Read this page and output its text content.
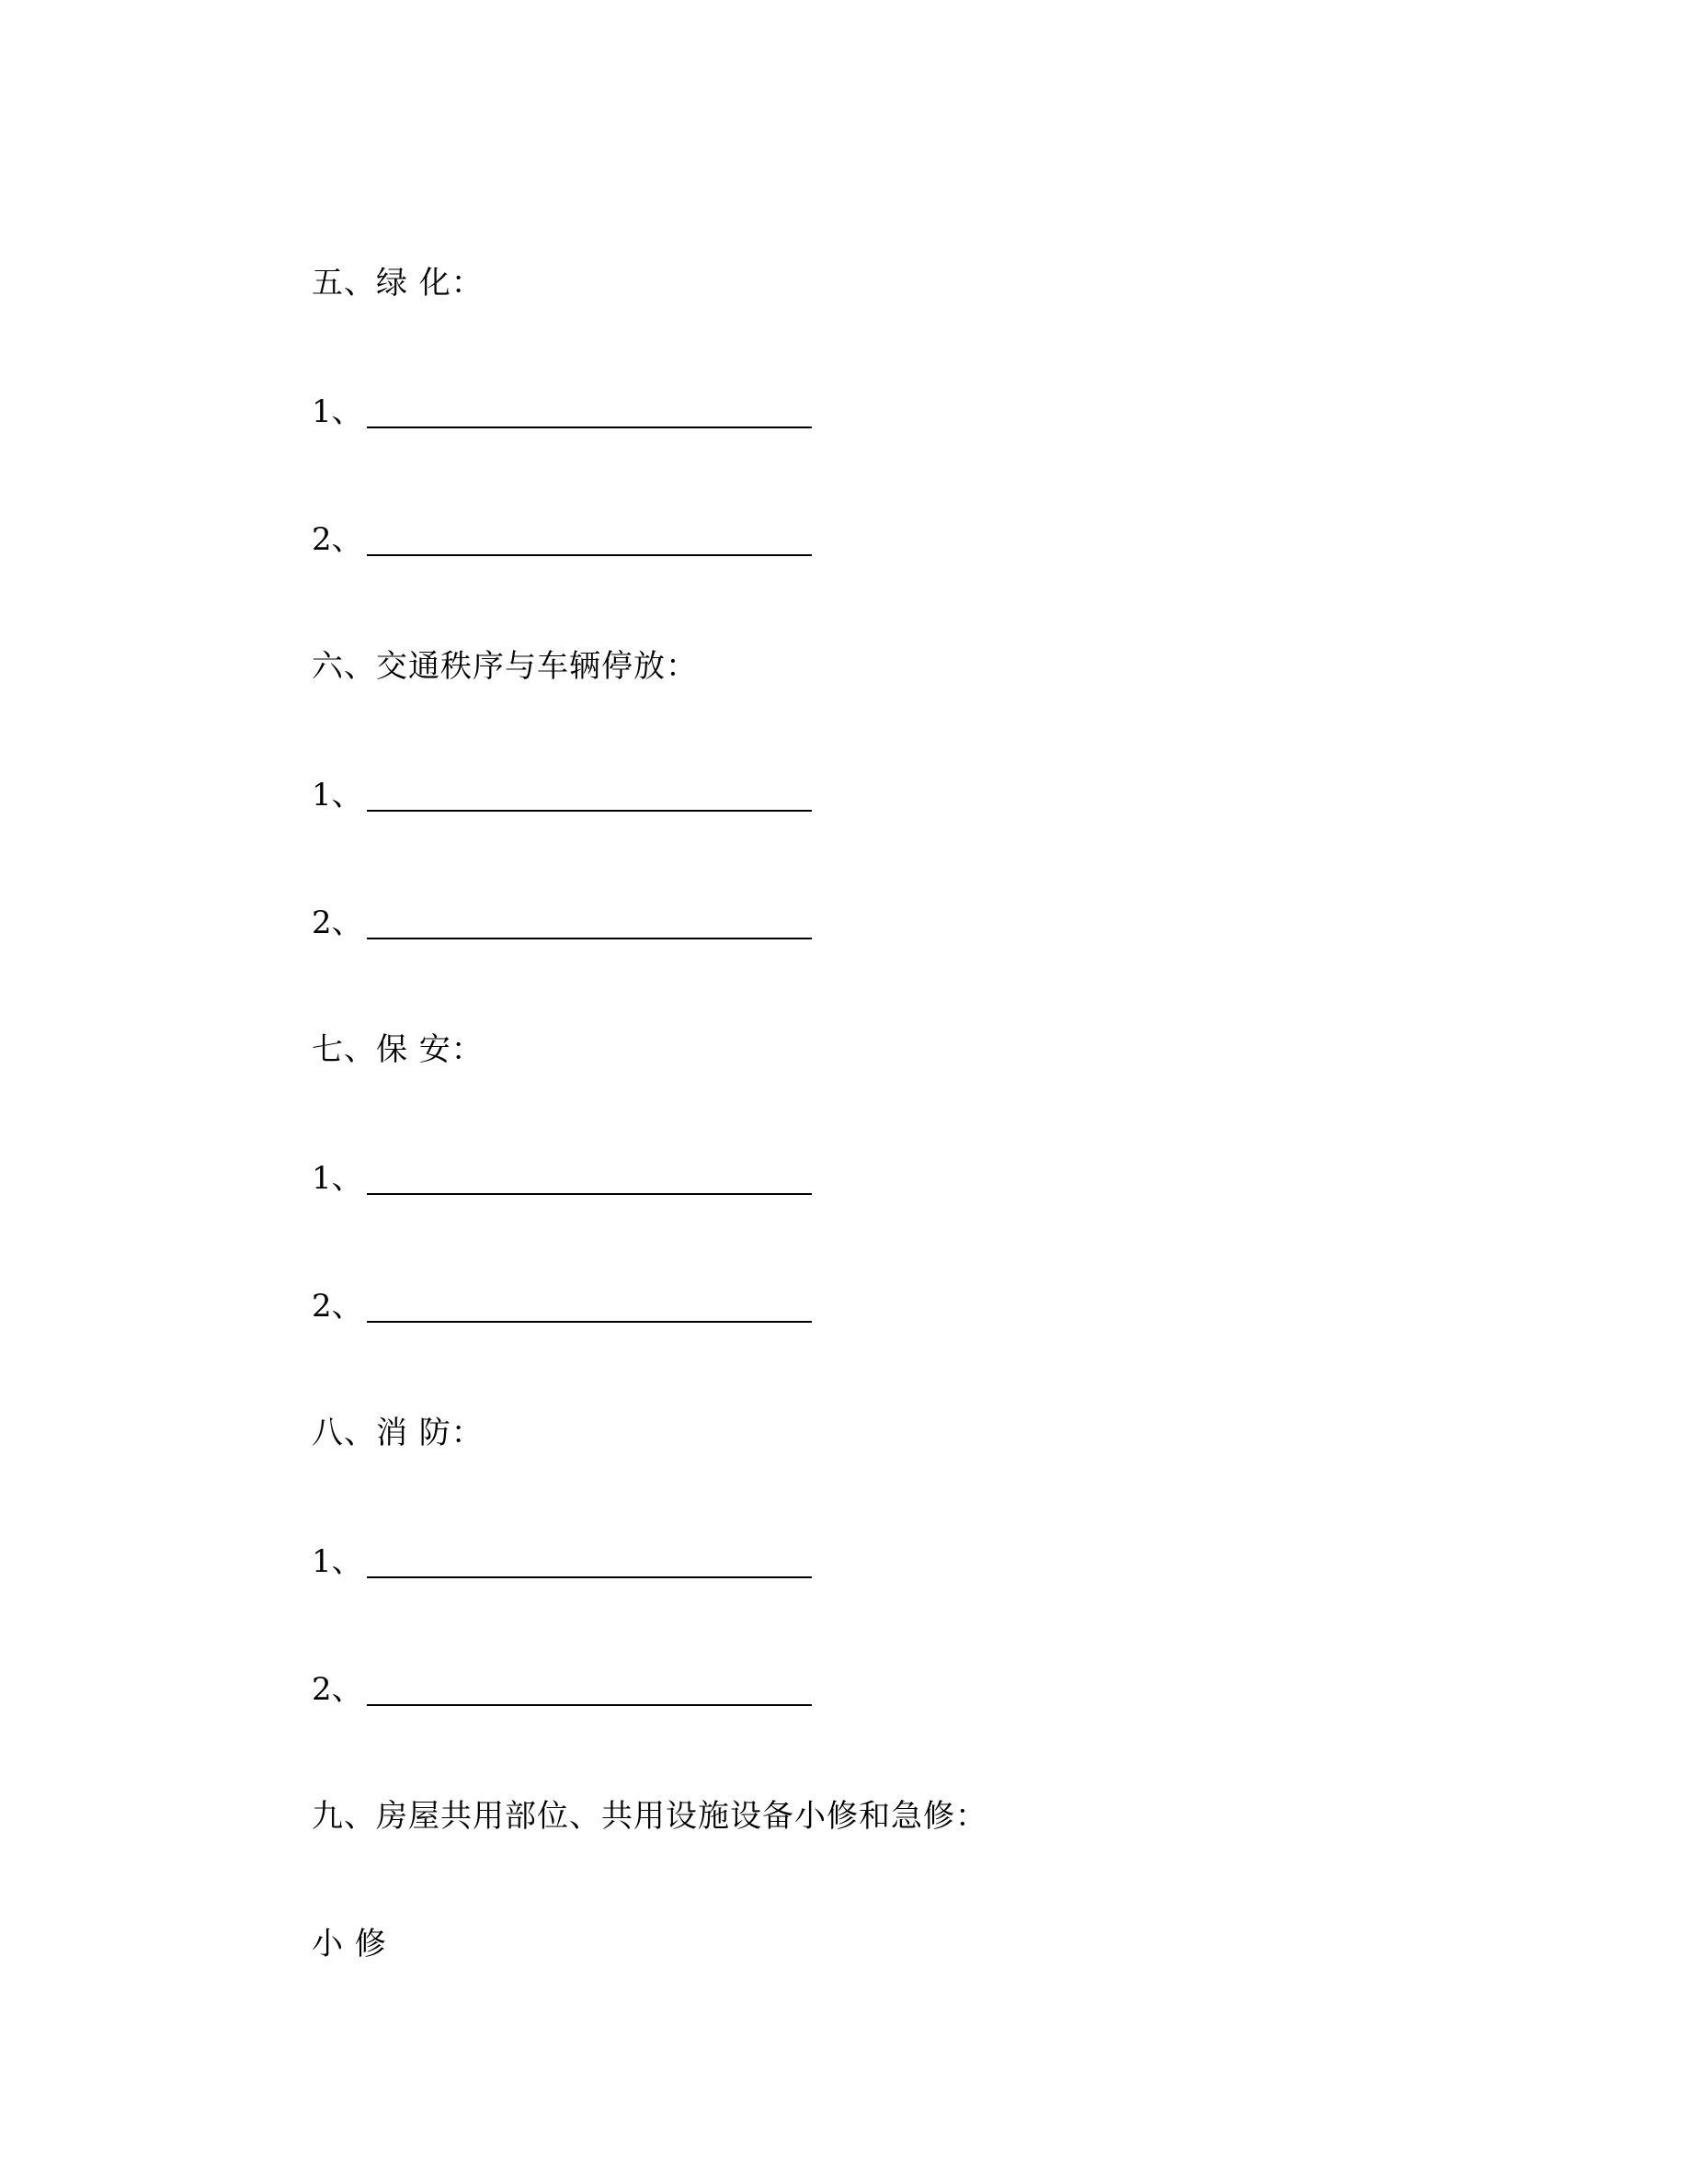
五、绿 化：
1、
2、
六、交通秩序与车辆停放：
1、
2、
七、保 安：
1、
2、
八、消 防：
1、
2、
九、房屋共用部位、共用设施设备小修和急修：
小 修
